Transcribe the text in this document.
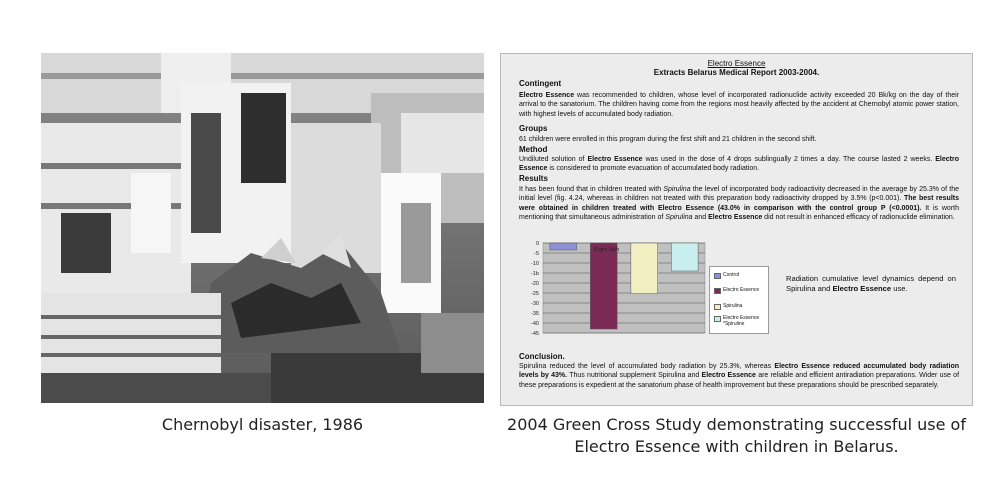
Chernobyl disaster, 1986
Electro Essence
Extracts Belarus Medical Report 2003-2004.
Contingent
Electro Essence was recommended to children, whose level of incorporated radionuclide activity exceeded 20 Bk/kg on the day of their arrival to the sanatorium. The children having come from the regions most heavily affected by the accident at Chernobyl atomic power station, with highest levels of accumulated body radiation.
Groups
61 children were enrolled in this program during the first shift and 21 children in the second shift.
Method
Undiluted solution of Electro Essence was used in the dose of 4 drops sublingually 2 times a day. The course lasted 2 weeks. Electro Essence is considered to promote evacuation of accumulated body radiation.
Results
It has been found that in children treated with Spirulina the level of incorporated body radioactivity decreased in the average by 25.3% of the initial level (fig. 4.24, whereas in children not treated with this preparation body radioactivity dropped by 3.5% (p<0.001). The best results were obtained in children treated with Electro Essence (43.0% in comparison with the control group P (<0.0001). It is worth mentioning that simultaneous administration of Spirulina and Electro Essence did not result in enhanced efficacy of radionuclide elimination.
0
-5
-10
-1b
-20
-25
-30
-35
-40
-45
D gre Sich
Control
Electro Essence
Spirulina
Electro Essence *Spiruline
Radiation cumulative level dynamics depend on Spirulina and Electro Essence use.
Conclusion.
Spirulina reduced the level of accumulated body radiation by 25.3%, whereas Electro Essence reduced accumulated body radiation levels by 43%. Thus nutritional supplement Spirulina and Electro Essence are reliable and efficient antiradiation preparations. Wider use of these preparations is expedient at the sanatorium phase of health improvement but these preparations should be prescribed separately.
2004 Green Cross Study demonstrating successful use of Electro Essence with children in Belarus.
